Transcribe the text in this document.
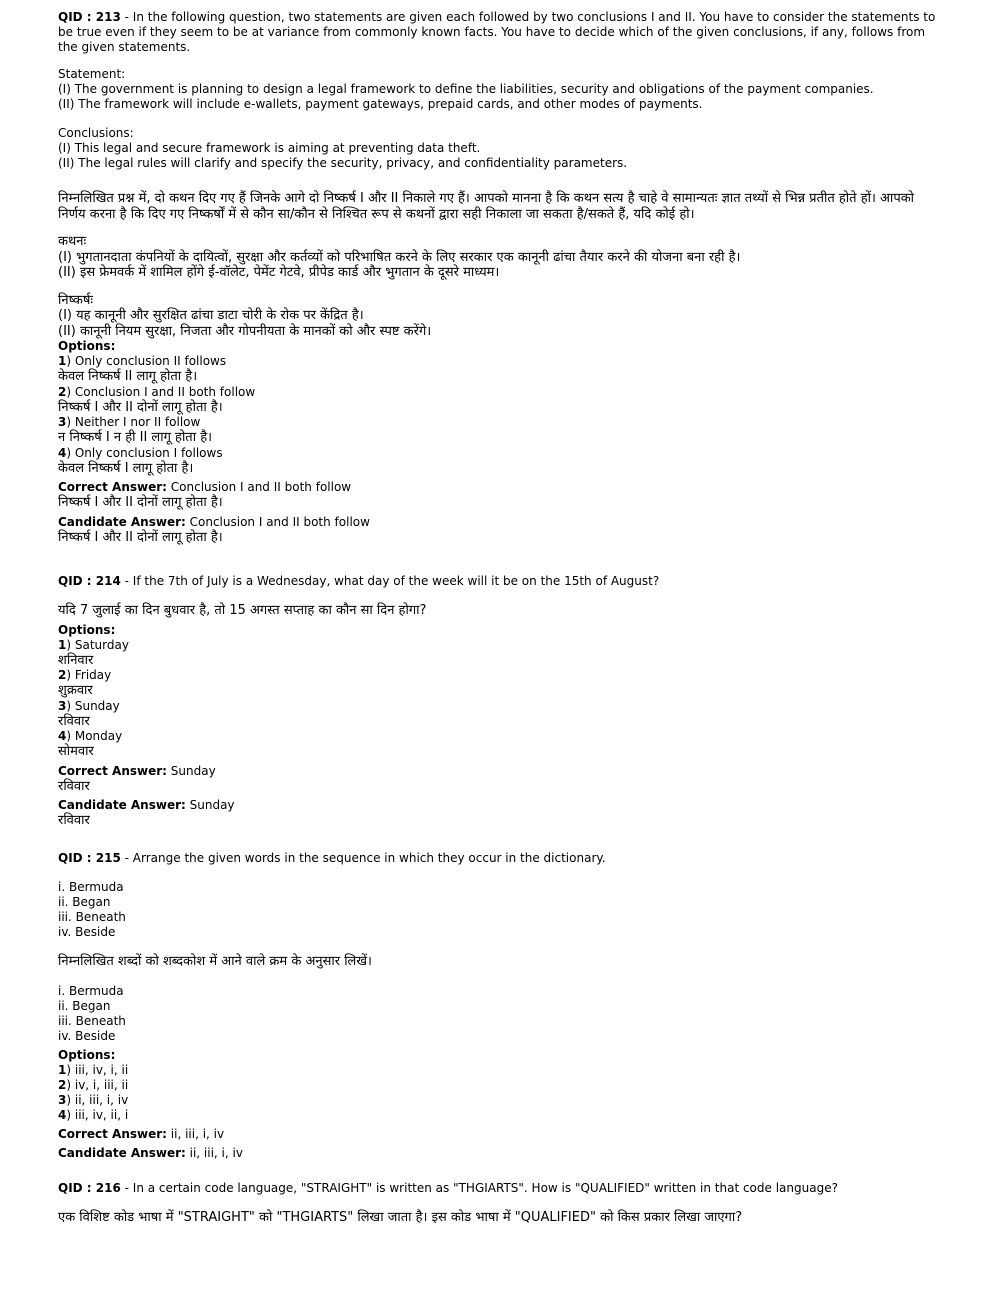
QID : 213 - In the following question, two statements are given each followed by two conclusions I and II. You have to consider the statements to be true even if they seem to be at variance from commonly known facts. You have to decide which of the given conclusions, if any, follows from the given statements.
Statement:
(I) The government is planning to design a legal framework to define the liabilities, security and obligations of the payment companies.
(II) The framework will include e-wallets, payment gateways, prepaid cards, and other modes of payments.
Conclusions:
(I) This legal and secure framework is aiming at preventing data theft.
(II) The legal rules will clarify and specify the security, privacy, and confidentiality parameters.
निम्नलिखित प्रश्न में, दो कथन दिए गए हैं जिनके आगे दो निष्कर्ष I और II निकाले गए हैं। आपको मानना है कि कथन सत्य है चाहे वे सामान्यतः ज्ञात तथ्यों से भिन्न प्रतीत होते हों। आपको निर्णय करना है कि दिए गए निष्कर्षों में से कौन सा/कौन से निश्चित रूप से कथनों द्वारा सही निकाला जा सकता है/सकते हैं, यदि कोई हो।
कथनः
(I) भुगतानदाता कंपनियों के दायित्वों, सुरक्षा और कर्तव्यों को परिभाषित करने के लिए सरकार एक कानूनी ढांचा तैयार करने की योजना बना रही है।
(II) इस फ्रेमवर्क में शामिल होंगे ई-वॉलेट, पेमेंट गेटवे, प्रीपेड कार्ड और भुगतान के दूसरे माध्यम।
निष्कर्षः
(I) यह कानूनी और सुरक्षित ढांचा डाटा चोरी के रोक पर केंद्रित है।
(II) कानूनी नियम सुरक्षा, निजता और गोपनीयता के मानकों को और स्पष्ट करेंगे।
Options:
1) Only conclusion II follows
केवल निष्कर्ष II लागू होता है।
2) Conclusion I and II both follow
निष्कर्ष I और II दोनों लागू होता है।
3) Neither I nor II follow
न निष्कर्ष I न ही II लागू होता है।
4) Only conclusion I follows
केवल निष्कर्ष I लागू होता है।
Correct Answer: Conclusion I and II both follow
निष्कर्ष I और II दोनों लागू होता है।
Candidate Answer: Conclusion I and II both follow
निष्कर्ष I और II दोनों लागू होता है।
QID : 214 - If the 7th of July is a Wednesday, what day of the week will it be on the 15th of August?
यदि 7 जुलाई का दिन बुधवार है, तो 15 अगस्त सप्ताह का कौन सा दिन होगा?
Options:
1) Saturday
शनिवार
2) Friday
शुक्रवार
3) Sunday
रविवार
4) Monday
सोमवार
Correct Answer: Sunday
रविवार
Candidate Answer: Sunday
रविवार
QID : 215 - Arrange the given words in the sequence in which they occur in the dictionary.
i. Bermuda
ii. Began
iii. Beneath
iv. Beside
निम्नलिखित शब्दों को शब्दकोश में आने वाले क्रम के अनुसार लिखें।
i. Bermuda
ii. Began
iii. Beneath
iv. Beside
Options:
1) iii, iv, i, ii
2) iv, i, iii, ii
3) ii, iii, i, iv
4) iii, iv, ii, i
Correct Answer: ii, iii, i, iv
Candidate Answer: ii, iii, i, iv
QID : 216 - In a certain code language, "STRAIGHT" is written as "THGIARTS". How is "QUALIFIED" written in that code language?
एक विशिष्ट कोड भाषा में "STRAIGHT" को "THGIARTS" लिखा जाता है। इस कोड भाषा में "QUALIFIED" को किस प्रकार लिखा जाएगा?
